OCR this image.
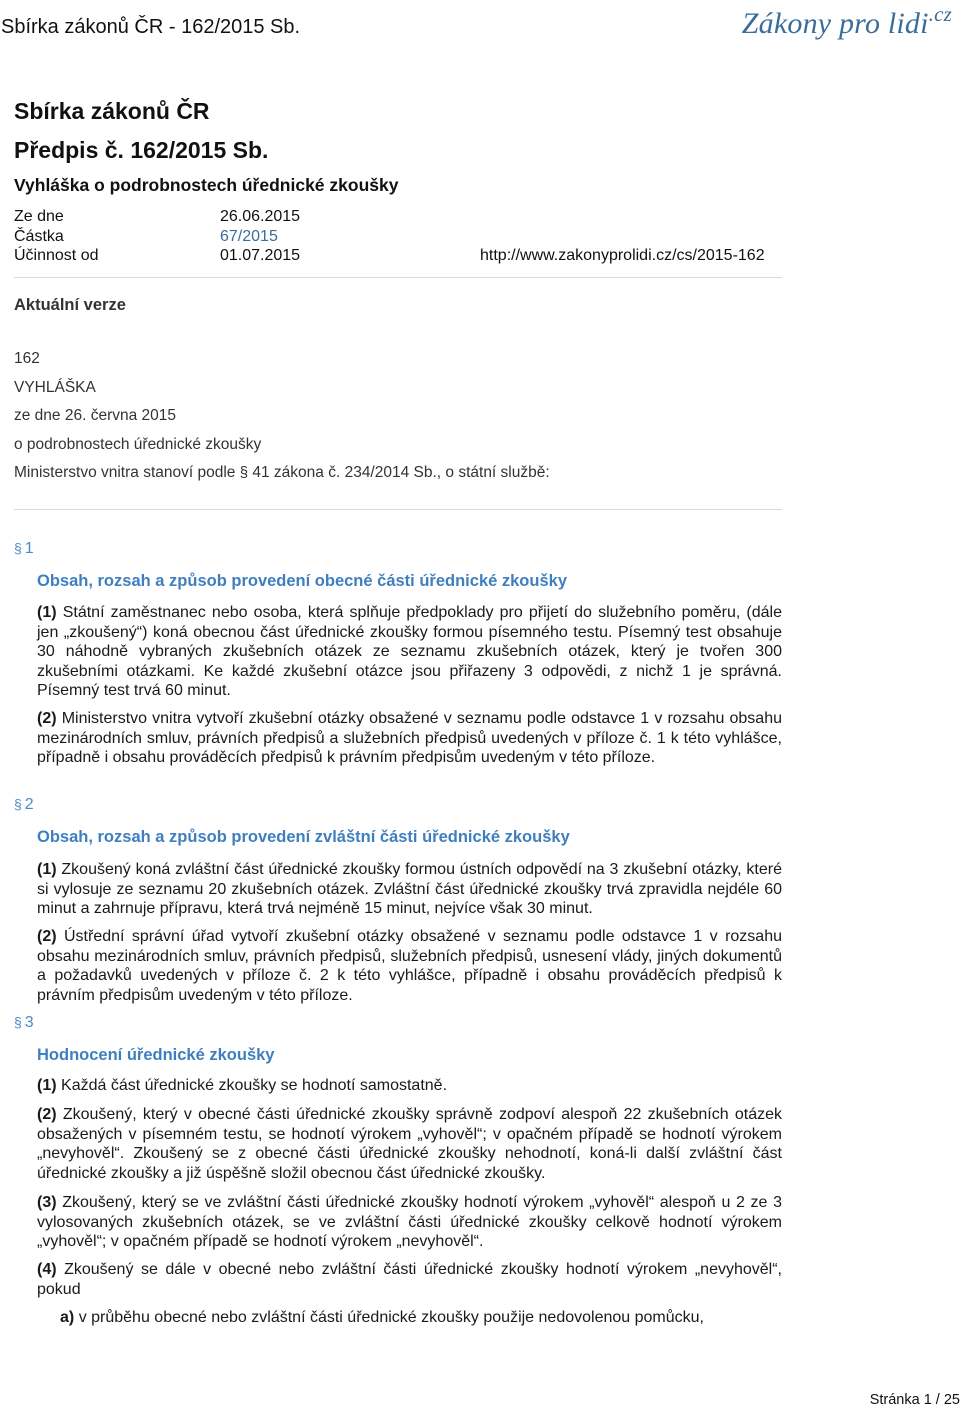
Sbírka zákonů ČR - 162/2015 Sb.	Zákony pro lidi$^{.cz}$
Sbírka zákonů ČR
Předpis č. 162/2015 Sb.
Vyhláška o podrobnostech úřednické zkoušky
Ze dne	26.06.2015
Částka	67/2015
Účinnost od	01.07.2015	http://www.zakonyprolidi.cz/cs/2015-162
Aktuální verze
162
VYHLÁŠKA
ze dne 26. června 2015
o podrobnostech úřednické zkoušky
Ministerstvo vnitra stanoví podle § 41 zákona č. 234/2014 Sb., o státní službě:
§ 1
Obsah, rozsah a způsob provedení obecné části úřednické zkoušky
(1) Státní zaměstnanec nebo osoba, která splňuje předpoklady pro přijetí do služebního poměru, (dále jen „zkoušený“) koná obecnou část úřednické zkoušky formou písemného testu. Písemný test obsahuje 30 náhodně vybraných zkušebních otázek ze seznamu zkušebních otázek, který je tvořen 300 zkušebními otázkami. Ke každé zkušební otázce jsou přiřazeny 3 odpovědi, z nichž 1 je správná. Písemný test trvá 60 minut.
(2) Ministerstvo vnitra vytvoří zkušební otázky obsažené v seznamu podle odstavce 1 v rozsahu obsahu mezinárodních smluv, právních předpisů a služebních předpisů uvedených v příloze č. 1 k této vyhlášce, případně i obsahu prováděcích předpisů k právním předpisům uvedeným v této příloze.
§ 2
Obsah, rozsah a způsob provedení zvláštní části úřednické zkoušky
(1) Zkoušený koná zvláštní část úřednické zkoušky formou ústních odpovědí na 3 zkušební otázky, které si vylosuje ze seznamu 20 zkušebních otázek. Zvláštní část úřednické zkoušky trvá zpravidla nejdéle 60 minut a zahrnuje přípravu, která trvá nejméně 15 minut, nejvíce však 30 minut.
(2) Ústřední správní úřad vytvoří zkušební otázky obsažené v seznamu podle odstavce 1 v rozsahu obsahu mezinárodních smluv, právních předpisů, služebních předpisů, usnesení vlády, jiných dokumentů a požadavků uvedených v příloze č. 2 k této vyhlášce, případně i obsahu prováděcích předpisů k právním předpisům uvedeným v této příloze.
§ 3
Hodnocení úřednické zkoušky
(1) Každá část úřednické zkoušky se hodnotí samostatně.
(2) Zkoušený, který v obecné části úřednické zkoušky správně zodpoví alespoň 22 zkušebních otázek obsažených v písemném testu, se hodnotí výrokem „vyhověl“; v opačném případě se hodnotí výrokem „nevyhověl“. Zkoušený se z obecné části úřednické zkoušky nehodnotí, koná-li další zvláštní část úřednické zkoušky a již úspěšně složil obecnou část úřednické zkoušky.
(3) Zkoušený, který se ve zvláštní části úřednické zkoušky hodnotí výrokem „vyhověl“ alespoň u 2 ze 3 vylosovaných zkušebních otázek, se ve zvláštní části úřednické zkoušky celkově hodnotí výrokem „vyhověl“; v opačném případě se hodnotí výrokem „nevyhověl“.
(4) Zkoušený se dále v obecné nebo zvláštní části úřednické zkoušky hodnotí výrokem „nevyhověl“, pokud
a) v průběhu obecné nebo zvláštní části úřednické zkoušky použije nedovolenou pomůcku,
Stránka 1 / 25
